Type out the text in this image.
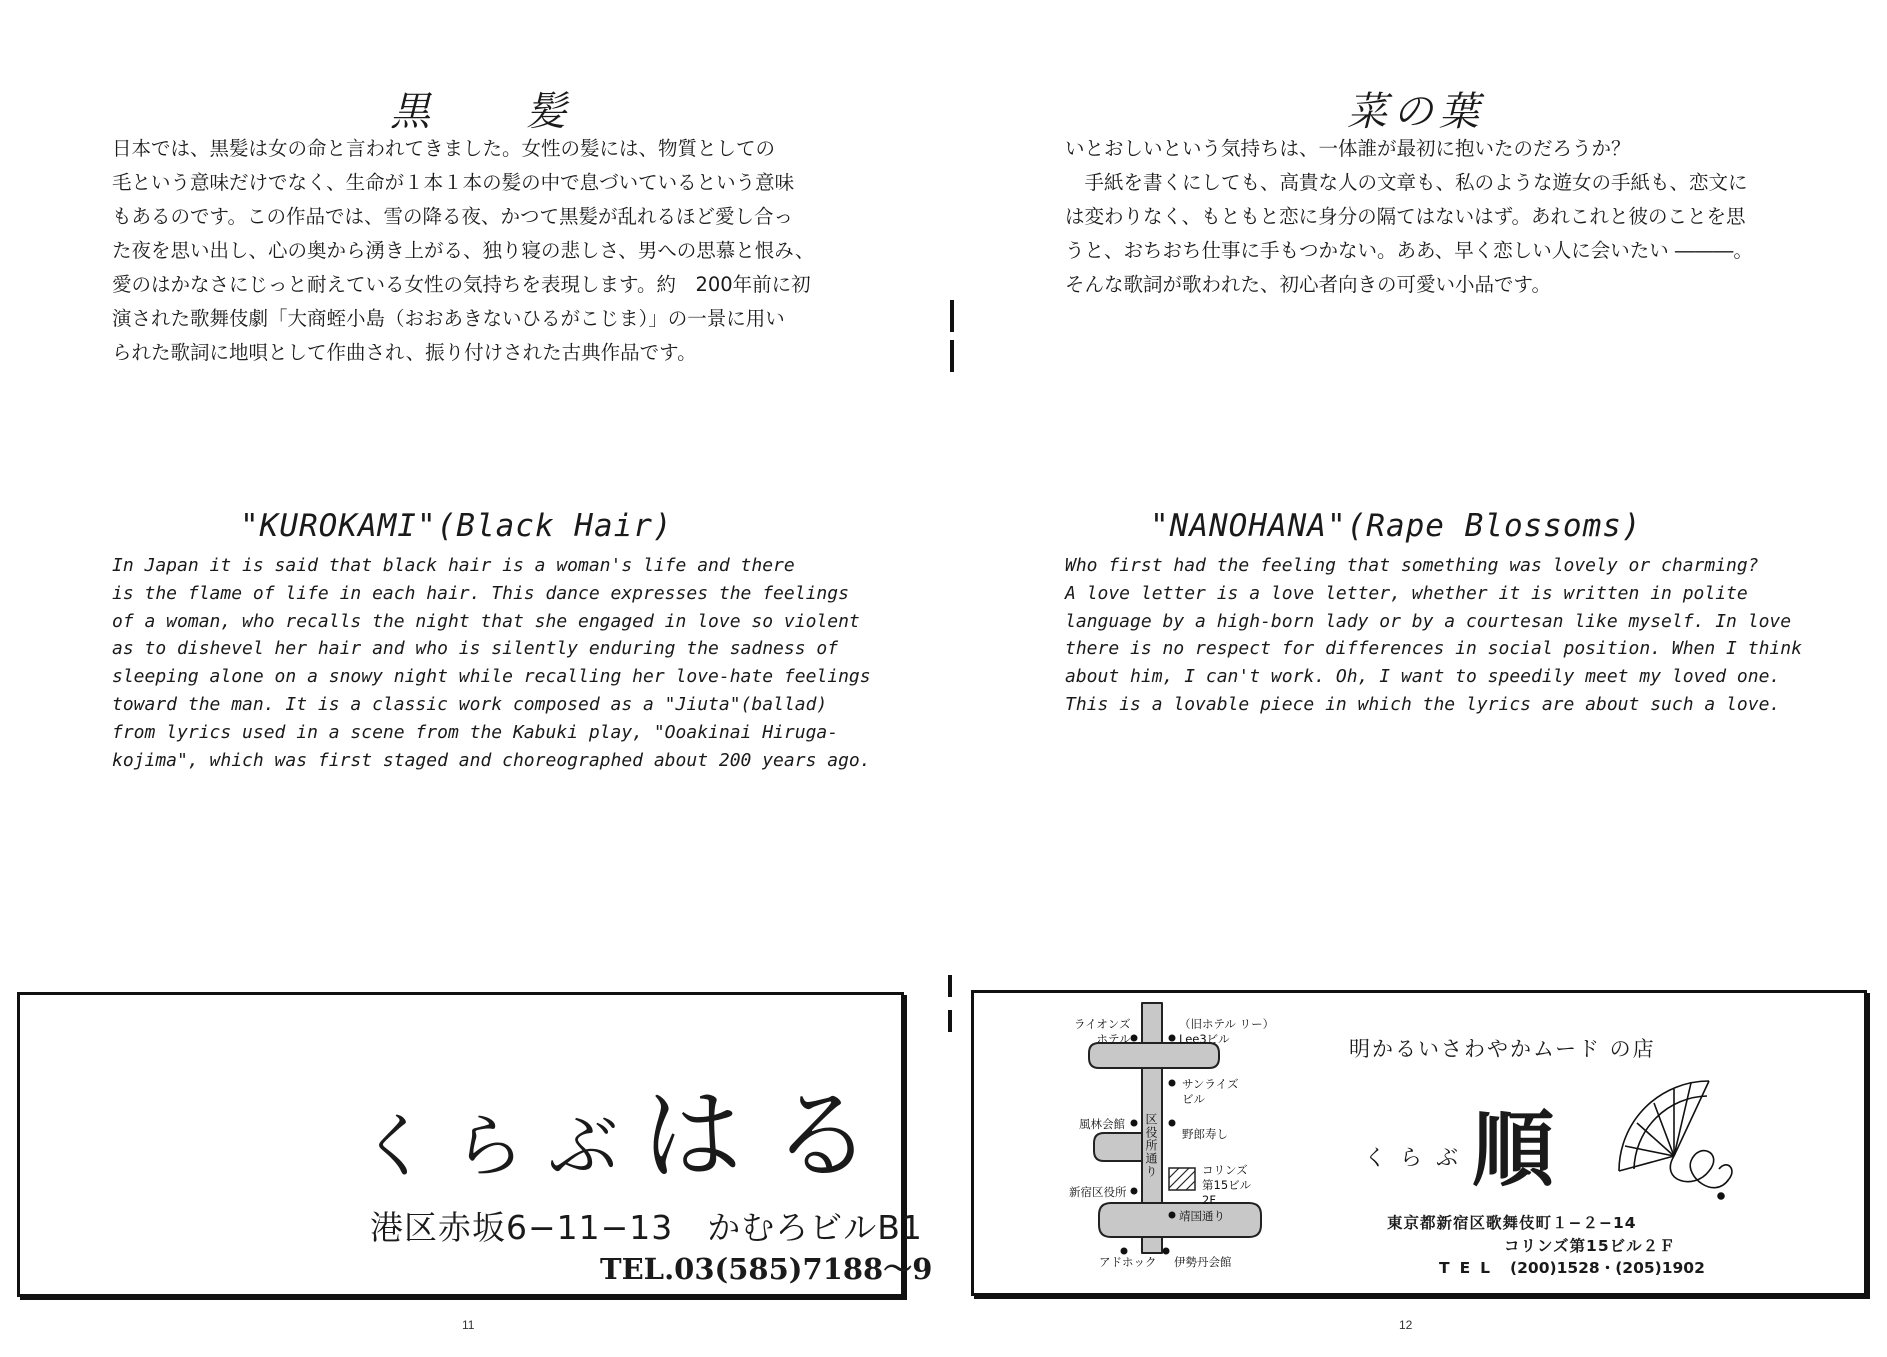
黒　髪
日本では、黒髪は女の命と言われてきました。女性の髪には、物質としての
毛という意味だけでなく、生命が１本１本の髪の中で息づいているという意味
もあるのです。この作品では、雪の降る夜、かつて黒髪が乱れるほど愛し合っ
た夜を思い出し、心の奥から湧き上がる、独り寝の悲しさ、男への思慕と恨み、
愛のはかなさにじっと耐えている女性の気持ちを表現します。約　200年前に初
演された歌舞伎劇「大商蛭小島（おおあきないひるがこじま）」の一景に用い
られた歌詞に地唄として作曲され、振り付けされた古典作品です。
"KUROKAMI"(Black Hair)
In Japan it is said that black hair is a woman's life and there
is the flame of life in each hair. This dance expresses the feelings
of a woman, who recalls the night that she engaged in love so violent
as to dishevel her hair and who is silently enduring the sadness of
sleeping alone on a snowy night while recalling her love-hate feelings
toward the man. It is a classic work composed as a "Jiuta"(ballad)
from lyrics used in a scene from the Kabuki play, "Ooakinai Hiruga-
kojima", which was first staged and choreographed about 200 years ago.
くらぶはる
港区赤坂6−11−13　かむろビルB1
TEL.03(585)7188〜9
11
菜の葉
いとおしいという気持ちは、一体誰が最初に抱いたのだろうか？
　手紙を書くにしても、高貴な人の文章も、私のような遊女の手紙も、恋文に
は変わりなく、もともと恋に身分の隔てはないはず。あれこれと彼のことを思
うと、おちおち仕事に手もつかない。ああ、早く恋しい人に会いたい ―――。
そんな歌詞が歌われた、初心者向きの可愛い小品です。
"NANOHANA"(Rape Blossoms)
Who first had the feeling that something was lovely or charming?
A love letter is a love letter, whether it is written in polite
language by a high-born lady or by a courtesan like myself. In love
there is no respect for differences in social position. When I think
about him, I can't work. Oh, I want to speedily meet my loved one.
This is a lovable piece in which the lyrics are about such a love.
ライオンズ
ホテル
（旧ホテル リー）
Lee3ビル
サンライズ
ビル
風林会館
野郎寿し
区役所通り	コリンズ
第15ビル
2F
新宿区役所
靖国通り
アドホック 伊勢丹会館
明かるいさわやかムード の店
くらぶ 順
東京都新宿区歌舞伎町１−２−14
コリンズ第15ビル２Ｆ
TEL (200)1528・(205)1902
12
